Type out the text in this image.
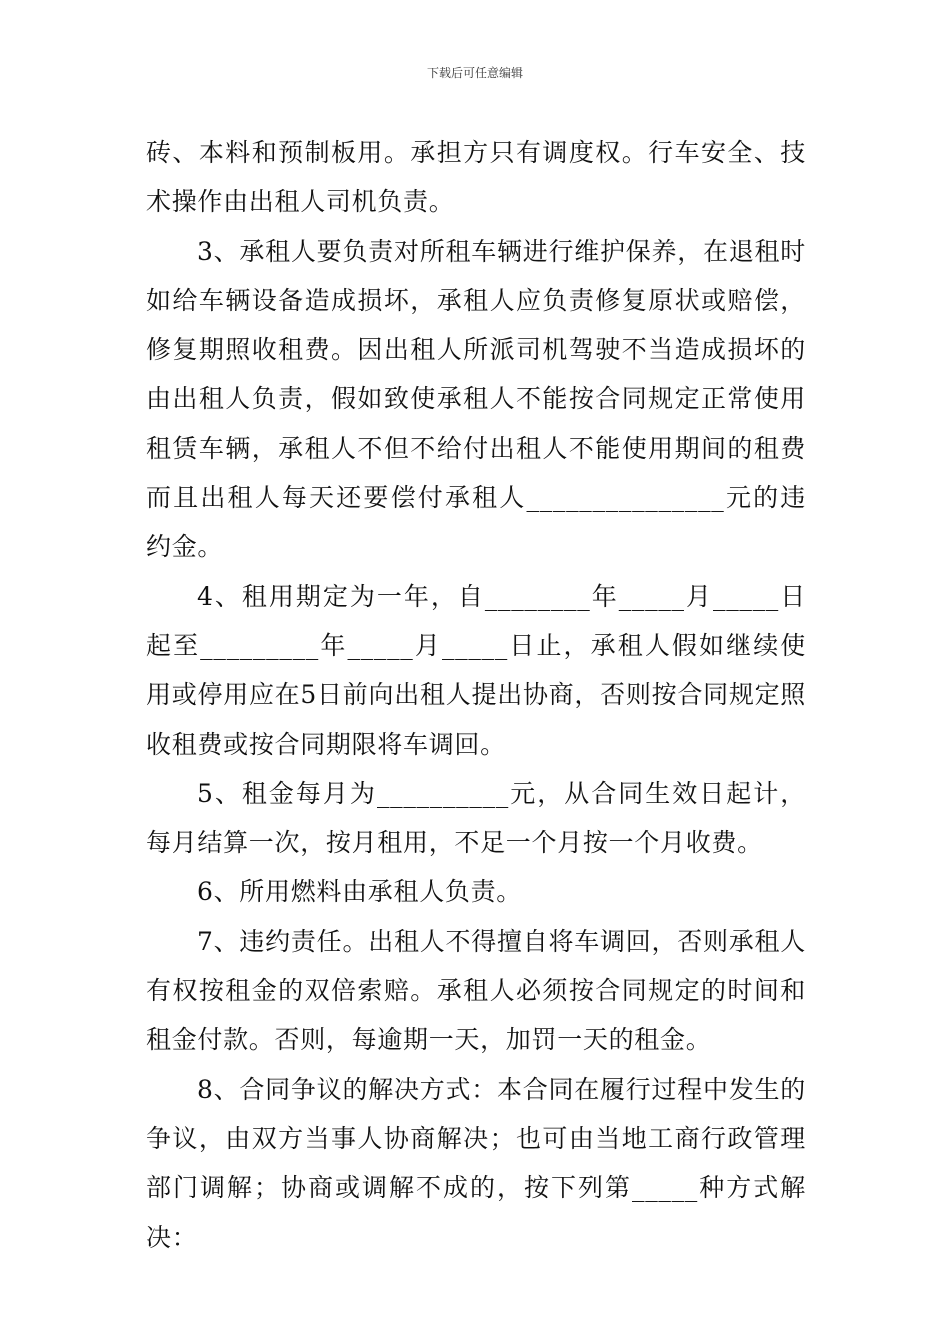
下载后可任意编辑

砖、本料和预制板用。承担方只有调度权。行车安全、技术操作由出租人司机负责。

3、承租人要负责对所租车辆进行维护保养，在退租时如给车辆设备造成损坏，承租人应负责修复原状或赔偿，修复期照收租费。因出租人所派司机驾驶不当造成损坏的由出租人负责，假如致使承租人不能按合同规定正常使用租赁车辆，承租人不但不给付出租人不能使用期间的租费而且出租人每天还要偿付承租人_______________元的违约金。

4、租用期定为一年，自________年_____月_____日起至_________年_____月_____日止，承租人假如继续使用或停用应在5日前向出租人提出协商，否则按合同规定照收租费或按合同期限将车调回。

5、租金每月为__________元，从合同生效日起计，每月结算一次，按月租用，不足一个月按一个月收费。

6、所用燃料由承租人负责。

7、违约责任。出租人不得擅自将车调回，否则承租人有权按租金的双倍索赔。承租人必须按合同规定的时间和租金付款。否则，每逾期一天，加罚一天的租金。

8、合同争议的解决方式：本合同在履行过程中发生的争议，由双方当事人协商解决；也可由当地工商行政管理部门调解；协商或调解不成的，按下列第_____种方式解决：
